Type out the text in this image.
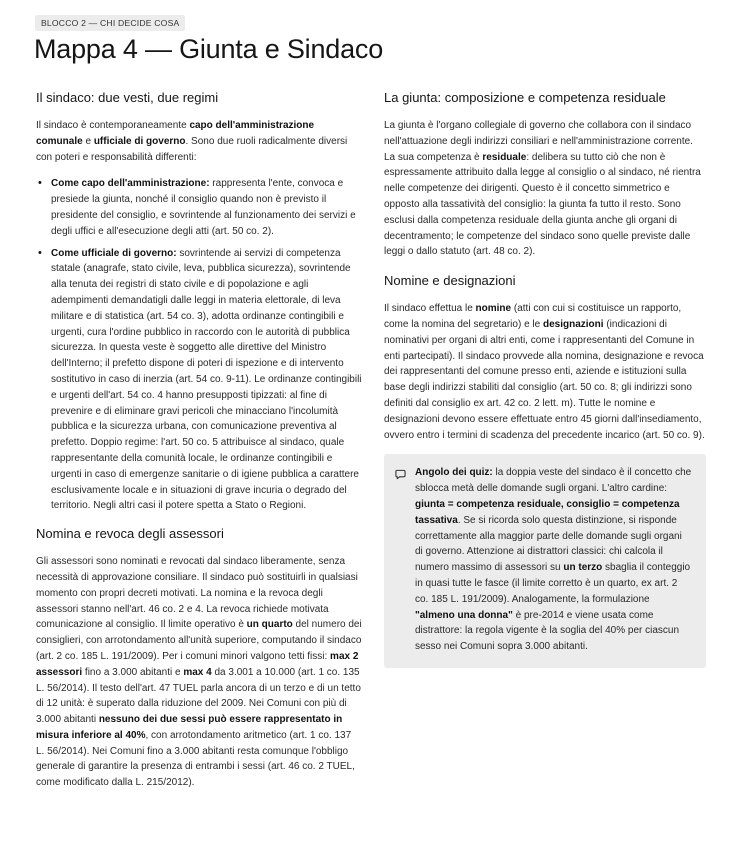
BLOCCO 2 — CHI DECIDE COSA
Mappa 4 — Giunta e Sindaco
Il sindaco: due vesti, due regimi

Il sindaco è contemporaneamente capo dell'amministrazione comunale e ufficiale di governo. Sono due ruoli radicalmente diversi con poteri e responsabilità differenti:

• Come capo dell'amministrazione: rappresenta l'ente, convoca e presiede la giunta, nonché il consiglio quando non è previsto il presidente del consiglio, e sovrintende al funzionamento dei servizi e degli uffici e all'esecuzione degli atti (art. 50 co. 2).
• Come ufficiale di governo: sovrintende ai servizi di competenza statale (anagrafe, stato civile, leva, pubblica sicurezza), sovrintende alla tenuta dei registri di stato civile e di popolazione e agli adempimenti demandatigli dalle leggi in materia elettorale, di leva militare e di statistica (art. 54 co. 3), adotta ordinanze contingibili e urgenti, cura l'ordine pubblico in raccordo con le autorità di pubblica sicurezza. In questa veste è soggetto alle direttive del Ministro dell'Interno; il prefetto dispone di poteri di ispezione e di intervento sostitutivo in caso di inerzia (art. 54 co. 9-11). Le ordinanze contingibili e urgenti dell'art. 54 co. 4 hanno presupposti tipizzati: al fine di prevenire e di eliminare gravi pericoli che minacciano l'incolumità pubblica e la sicurezza urbana, con comunicazione preventiva al prefetto. Doppio regime: l'art. 50 co. 5 attribuisce al sindaco, quale rappresentante della comunità locale, le ordinanze contingibili e urgenti in caso di emergenze sanitarie o di igiene pubblica a carattere esclusivamente locale e in situazioni di grave incuria o degrado del territorio. Negli altri casi il potere spetta a Stato o Regioni.
Nomina e revoca degli assessori

Gli assessori sono nominati e revocati dal sindaco liberamente, senza necessità di approvazione consiliare. Il sindaco può sostituirli in qualsiasi momento con propri decreti motivati. La nomina e la revoca degli assessori stanno nell'art. 46 co. 2 e 4. La revoca richiede motivata comunicazione al consiglio. Il limite operativo è un quarto del numero dei consiglieri, con arrotondamento all'unità superiore, computando il sindaco (art. 2 co. 185 L. 191/2009). Per i comuni minori valgono tetti fissi: max 2 assessori fino a 3.000 abitanti e max 4 da 3.001 a 10.000 (art. 1 co. 135 L. 56/2014). Il testo dell'art. 47 TUEL parla ancora di un terzo e di un tetto di 12 unità: è superato dalla riduzione del 2009. Nei Comuni con più di 3.000 abitanti nessuno dei due sessi può essere rappresentato in misura inferiore al 40%, con arrotondamento aritmetico (art. 1 co. 137 L. 56/2014). Nei Comuni fino a 3.000 abitanti resta comunque l'obbligo generale di garantire la presenza di entrambi i sessi (art. 46 co. 2 TUEL, come modificato dalla L. 215/2012).

La giunta: composizione e competenza residuale

La giunta è l'organo collegiale di governo che collabora con il sindaco nell'attuazione degli indirizzi consiliari e nell'amministrazione corrente. La sua competenza è residuale: delibera su tutto ciò che non è espressamente attribuito dalla legge al consiglio o al sindaco, né rientra nelle competenze dei dirigenti. Questo è il concetto simmetrico e opposto alla tassatività del consiglio: la giunta fa tutto il resto. Sono esclusi dalla competenza residuale della giunta anche gli organi di decentramento; le competenze del sindaco sono quelle previste dalle leggi o dallo statuto (art. 48 co. 2).

Nomine e designazioni

Il sindaco effettua le nomine (atti con cui si costituisce un rapporto, come la nomina del segretario) e le designazioni (indicazioni di nominativi per organi di altri enti, come i rappresentanti del Comune in enti partecipati). Il sindaco provvede alla nomina, designazione e revoca dei rappresentanti del comune presso enti, aziende e istituzioni sulla base degli indirizzi stabiliti dal consiglio (art. 50 co. 8; gli indirizzi sono definiti dal consiglio ex art. 42 co. 2 lett. m). Tutte le nomine e designazioni devono essere effettuate entro 45 giorni dall'insediamento, ovvero entro i termini di scadenza del precedente incarico (art. 50 co. 9).

Angolo dei quiz: la doppia veste del sindaco è il concetto che sblocca metà delle domande sugli organi. L'altro cardine: giunta = competenza residuale, consiglio = competenza tassativa. Se si ricorda solo questa distinzione, si risponde correttamente alla maggior parte delle domande sugli organi di governo. Attenzione ai distrattori classici: chi calcola il numero massimo di assessori su un terzo sbaglia il conteggio in quasi tutte le fasce (il limite corretto è un quarto, ex art. 2 co. 185 L. 191/2009). Analogamente, la formulazione "almeno una donna" è pre-2014 e viene usata come distrattore: la regola vigente è la soglia del 40% per ciascun sesso nei Comuni sopra 3.000 abitanti.
